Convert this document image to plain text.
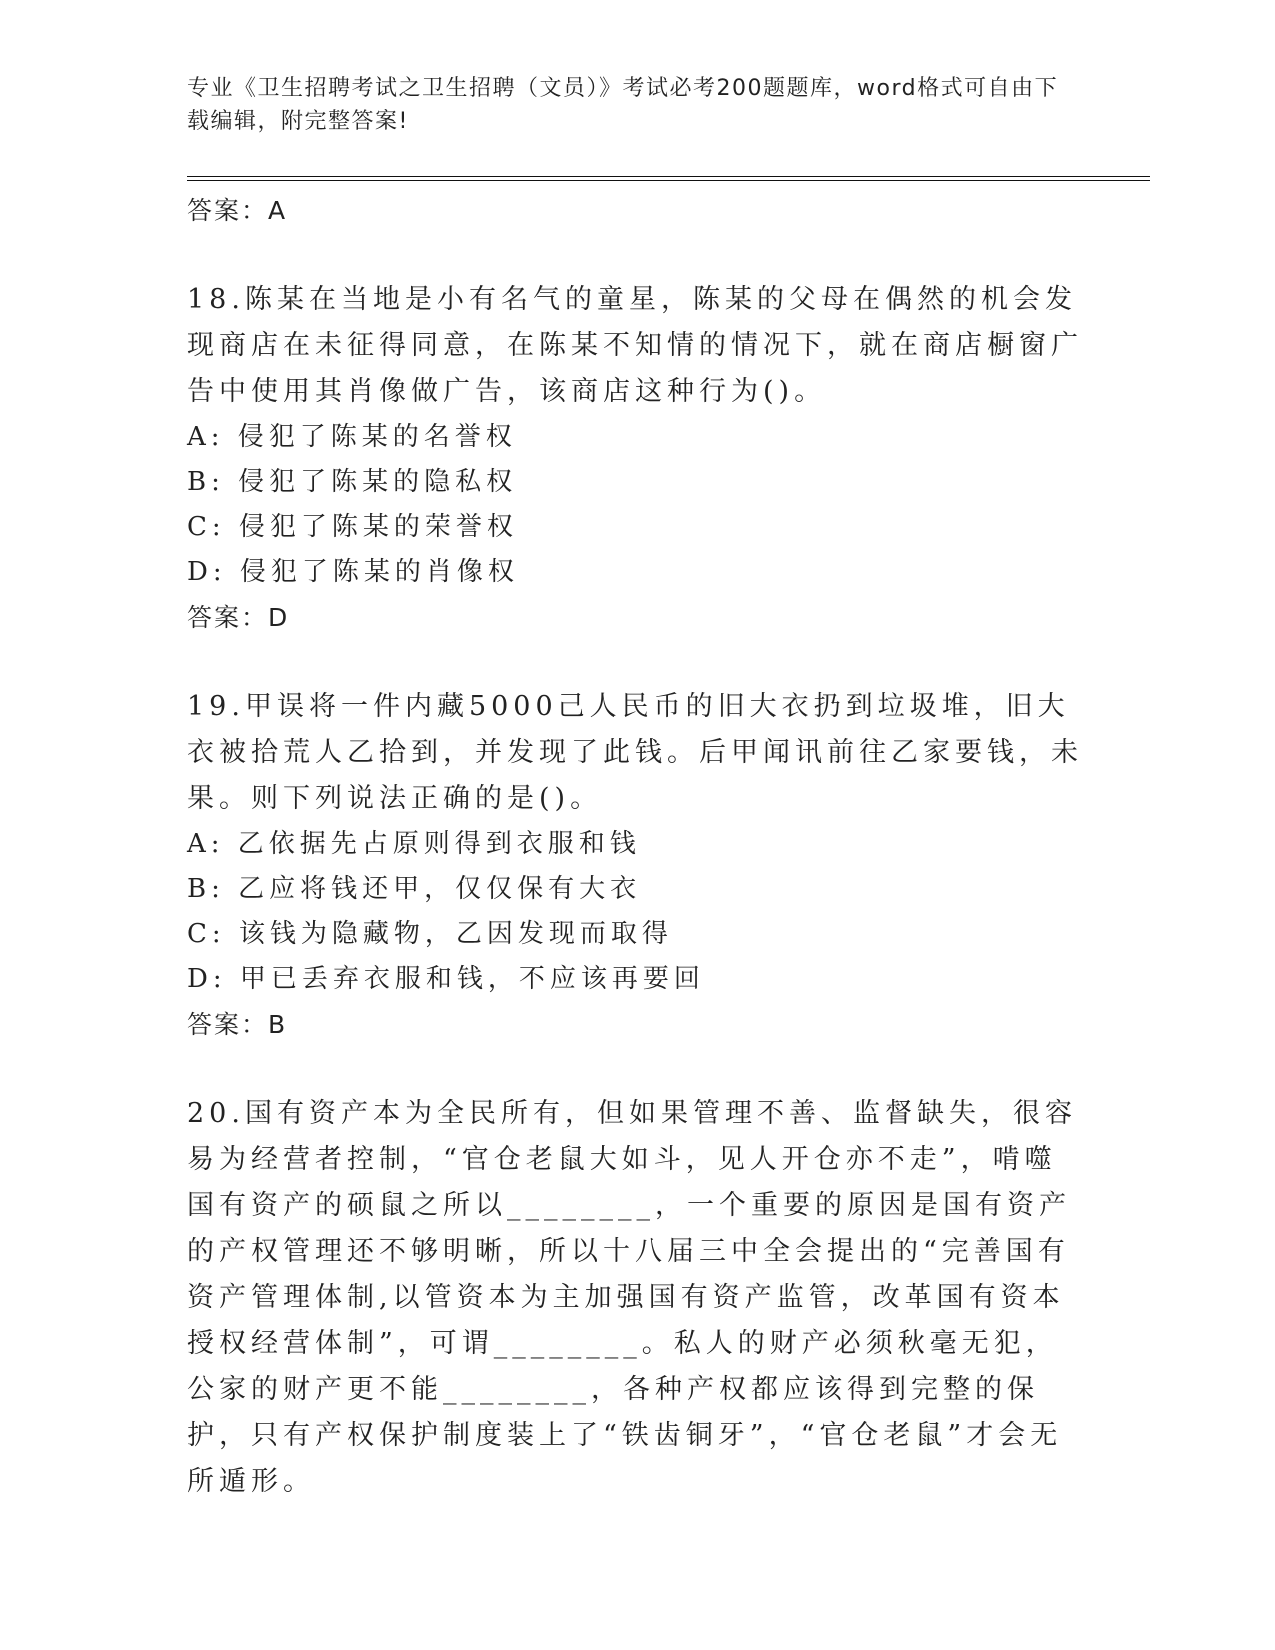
专业《卫生招聘考试之卫生招聘（文员）》考试必考200题题库，word格式可自由下载编辑，附完整答案!

答案：A

18.陈某在当地是小有名气的童星，陈某的父母在偶然的机会发现商店在未征得同意，在陈某不知情的情况下，就在商店橱窗广告中使用其肖像做广告，该商店这种行为()。

A: 侵犯了陈某的名誉权

B: 侵犯了陈某的隐私权

C: 侵犯了陈某的荣誉权

D: 侵犯了陈某的肖像权

答案：D

19.甲误将一件内藏5000己人民币的旧大衣扔到垃圾堆，旧大衣被拾荒人乙拾到，并发现了此钱。后甲闻讯前往乙家要钱，未果。则下列说法正确的是()。

A: 乙依据先占原则得到衣服和钱

B: 乙应将钱还甲，仅仅保有大衣

C: 该钱为隐藏物，乙因发现而取得

D: 甲已丢弃衣服和钱，不应该再要回

答案：B

20.国有资产本为全民所有，但如果管理不善、监督缺失，很容易为经营者控制，“官仓老鼠大如斗，见人开仓亦不走”，啃噬国有资产的硕鼠之所以________，一个重要的原因是国有资产的产权管理还不够明晰，所以十八届三中全会提出的“完善国有资产管理体制,以管资本为主加强国有资产监管，改革国有资本授权经营体制”，可谓________。私人的财产必须秋毫无犯，公家的财产更不能________，各种产权都应该得到完整的保护，只有产权保护制度装上了“铁齿铜牙”，“官仓老鼠”才会无所遁形。
